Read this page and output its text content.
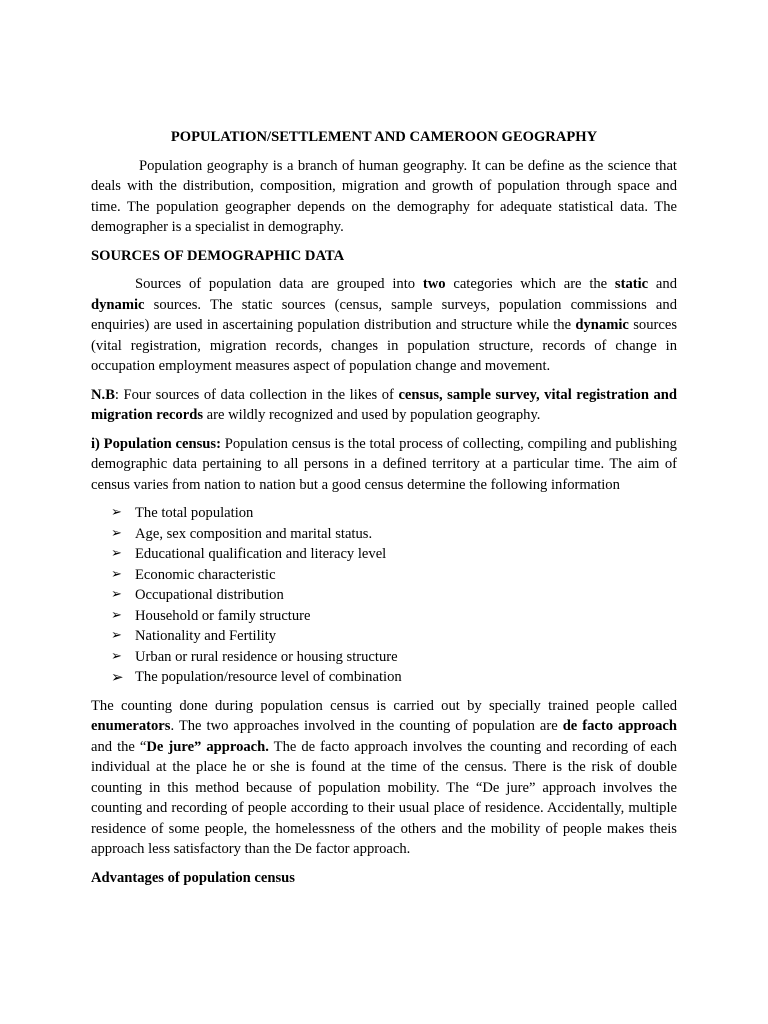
POPULATION/SETTLEMENT AND CAMEROON GEOGRAPHY

Population geography is a branch of human geography. It can be define as the science that deals with the distribution, composition, migration and growth of population through space and time. The population geographer depends on the demography for adequate statistical data. The demographer is a specialist in demography.

SOURCES OF DEMOGRAPHIC DATA

Sources of population data are grouped into two categories which are the static and dynamic sources. The static sources (census, sample surveys, population commissions and enquiries) are used in ascertaining population distribution and structure while the dynamic sources (vital registration, migration records, changes in population structure, records of change in occupation employment measures aspect of population change and movement.

N.B: Four sources of data collection in the likes of census, sample survey, vital registration and migration records are wildly recognized and used by population geography.

i) Population census: Population census is the total process of collecting, compiling and publishing demographic data pertaining to all persons in a defined territory at a particular time. The aim of census varies from nation to nation but a good census determine the following information

➢ The total population
➢ Age, sex composition and marital status.
➢ Educational qualification and literacy level
➢ Economic characteristic
➢ Occupational distribution
➢ Household or family structure
➢ Nationality and Fertility
➢ Urban or rural residence or housing structure
➢ The population/resource level of combination

The counting done during population census is carried out by specially trained people called enumerators. The two approaches involved in the counting of population are de facto approach and the “De jure” approach. The de facto approach involves the counting and recording of each individual at the place he or she is found at the time of the census. There is the risk of double counting in this method because of population mobility. The “De jure” approach involves the counting and recording of people according to their usual place of residence. Accidentally, multiple residence of some people, the homelessness of the others and the mobility of people makes theis approach less satisfactory than the De factor approach.

Advantages of population census
